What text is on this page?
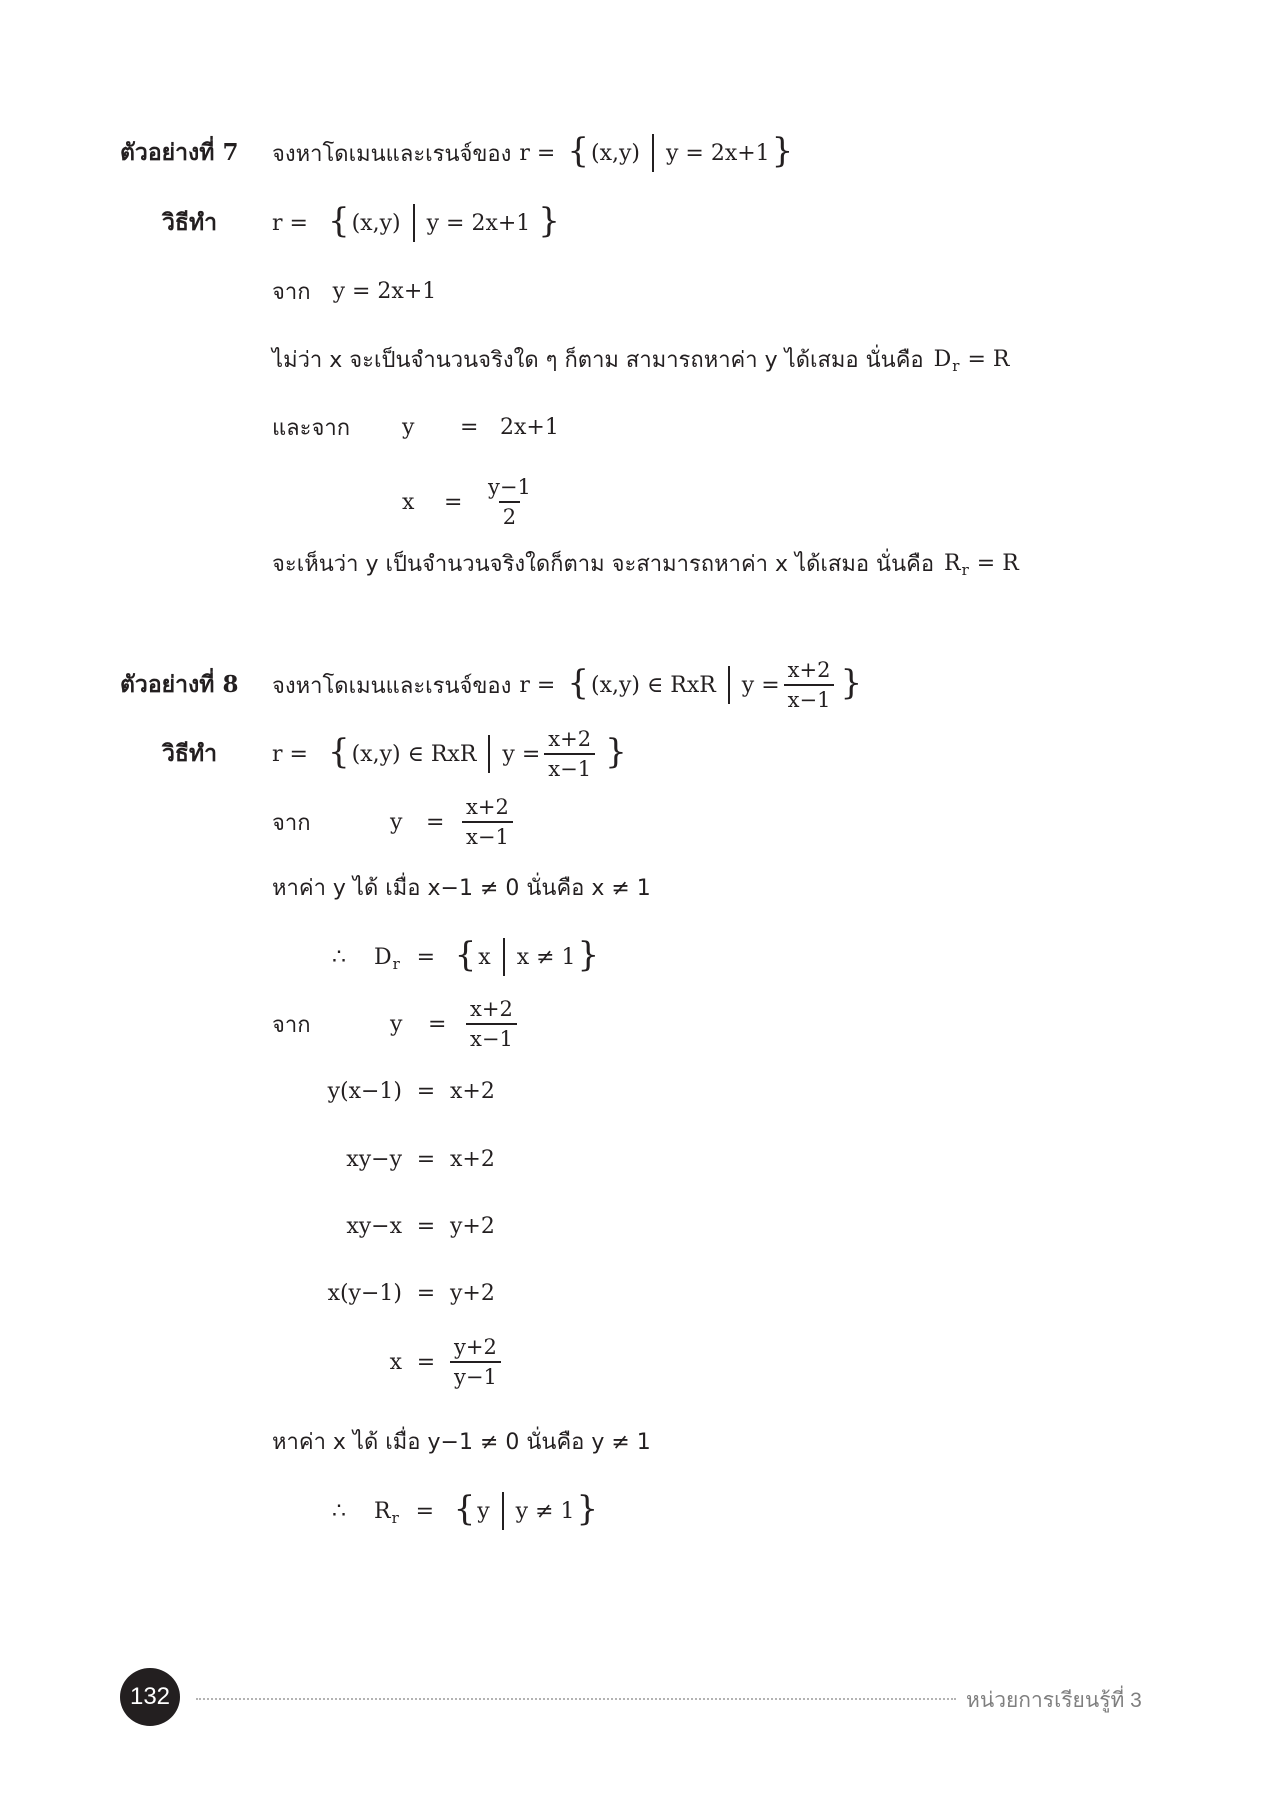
ตัวอย่างที่ 7	จงหาโดเมนและเรนจ์ของ r = { (x,y) y = 2x+1 }
วิธีทำ	r = { (x,y) y = 2x+1 }
จาก y = 2x+1
ไม่ว่า x จะเป็นจำนวนจริงใด ๆ ก็ตาม สามารถหาค่า y ได้เสมอ นั่นคือ D r = R
และจาก	y	= 2x+1
x	=	$\frac{y-1}{2}$
จะเห็นว่า y เป็นจำนวนจริงใดก็ตาม จะสามารถหาค่า x ได้เสมอ นั่นคือ R r = R
ตัวอย่างที่ 8	จงหาโดเมนและเรนจ์ของ r = { (x,y) ∈ RxR $y = \frac{x+2}{x-1}$ }
วิธีทำ	r = { (x,y) ∈ RxR $y = \frac{x+2}{x-1}$ }
จาก	y	= $\frac{x+2}{x-1}$
หาค่า y ได้ เมื่อ x−1 ≠ 0 นั่นคือ x ≠ 1
∴	D r = { x x ≠ 1 }
จาก	y	= $\frac{x+2}{x-1}$
y(x−1) = x+2
xy−y = x+2
xy−x = y+2
x(y−1) = y+2
$x = \frac{y+2}{y-1}$
หาค่า x ได้ เมื่อ y−1 ≠ 0 นั่นคือ y ≠ 1
∴	R r = { y y ≠ 1 }
132	หน่วยการเรียนรู้ที่ 3
